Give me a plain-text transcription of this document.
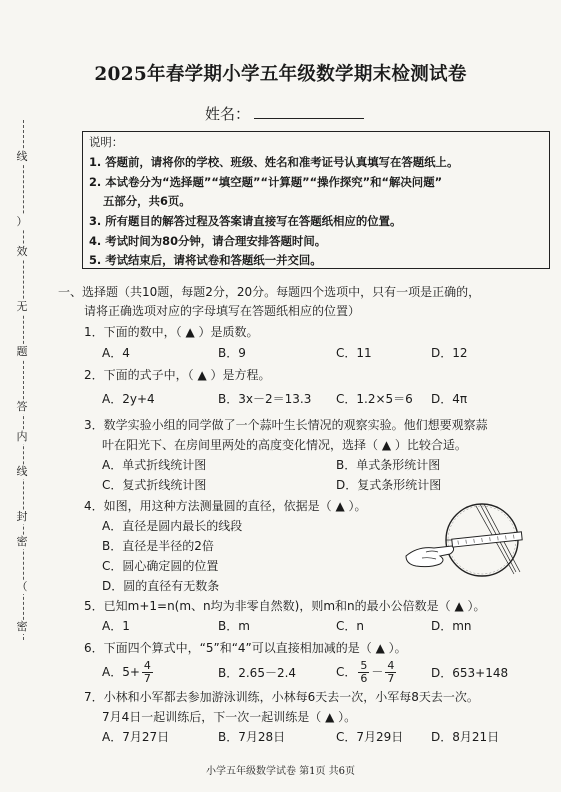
线
）
效
无
题
答
内
线
封
密
（
密
2025年春学期小学五年级数学期末检测试卷
姓名：
说明：
1. 答题前，请将你的学校、班级、姓名和准考证号认真填写在答题纸上。
2. 本试卷分为“选择题”“填空题”“计算题”“操作探究”和“解决问题”
五部分，共6页。
3. 所有题目的解答过程及答案请直接写在答题纸相应的位置。
4. 考试时间为80分钟，请合理安排答题时间。
5. 考试结束后，请将试卷和答题纸一并交回。
一、选择题（共10题，每题2分，20分。每题四个选项中，只有一项是正确的，
请将正确选项对应的字母填写在答题纸相应的位置）
1．下面的数中，（ ▲ ）是质数。
A．4	B．9	C．11	D．12
2．下面的式子中，（ ▲ ）是方程。
A．2y+4	B．3x－2＝13.3 C．1.2×5＝6 D．4π
3．数学实验小组的同学做了一个蒜叶生长情况的观察实验。他们想要观察蒜
叶在阳光下、在房间里两处的高度变化情况，选择（ ▲ ）比较合适。
A．单式折线统计图	B．单式条形统计图
C．复式折线统计图	D．复式条形统计图
4．如图，用这种方法测量圆的直径，依据是（ ▲ ）。
A．直径是圆内最长的线段
B．直径是半径的2倍
C．圆心确定圆的位置
D．圆的直径有无数条
5．已知m+1=n(m、n均为非零自然数)，则m和n的最小公倍数是（ ▲ ）。
A．1	B．m	C．n	D．mn
6．下面四个算式中，“5”和“4”可以直接相加减的是（ ▲ ）。
A．$5+ \frac{4}{7}$	B．2.65－2.4	C． $\frac{5}{6} - \frac{4}{7}$	D．653+148
7．小林和小军都去参加游泳训练，小林每6天去一次，小军每8天去一次。
7月4日一起训练后，下一次一起训练是（ ▲ ）。
A．7月27日	B．7月28日	C．7月29日 D．8月21日
小学五年级数学试卷 第1页 共6页
